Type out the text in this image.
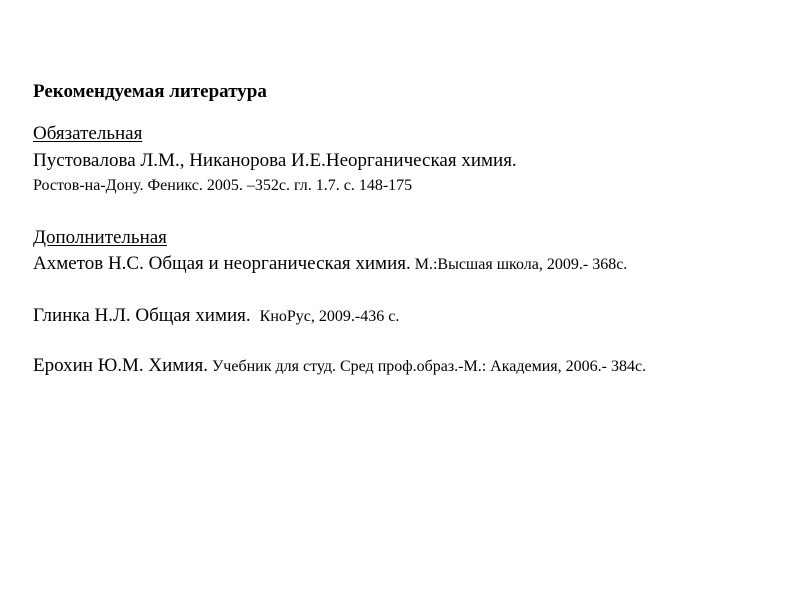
Рекомендуемая литература
Обязательная
Пустовалова Л.М., Никанорова И.Е.Неорганическая химия.
Ростов-на-Дону. Феникс. 2005. –352с. гл. 1.7. с. 148-175
Дополнительная
Ахметов Н.С. Общая и неорганическая химия. М.:Высшая школа, 2009.- 368с.
Глинка Н.Л. Общая химия. КноРус, 2009.-436 с.
Ерохин Ю.М. Химия. Учебник для студ. Сред проф.образ.-М.: Академия, 2006.- 384с.
